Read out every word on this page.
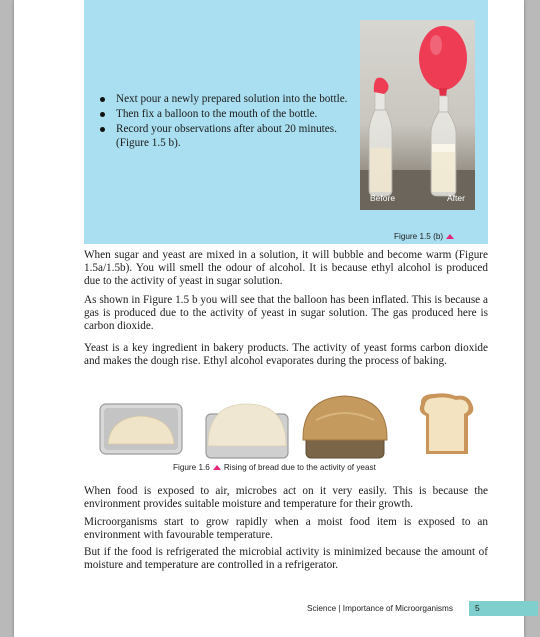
Next pour a newly prepared solution into the bottle.
Then fix a balloon to the mouth of the bottle.
Record your observations after about 20 minutes. (Figure 1.5 b).
Before	After
Figure 1.5 (b)

When sugar and yeast are mixed in a solution, it will bubble and become warm (Figure 1.5a/1.5b). You will smell the odour of alcohol. It is because ethyl alcohol is produced due to the activity of yeast in sugar solution.

As shown in Figure 1.5 b you will see that the balloon has been inflated. This is because a gas is produced due to the activity of yeast in sugar solution. The gas produced here is carbon dioxide.

Yeast is a key ingredient in bakery products. The activity of yeast forms carbon dioxide and makes the dough rise. Ethyl alcohol evaporates during the process of baking.

Figure 1.6 Rising of bread due to the activity of yeast

When food is exposed to air, microbes act on it very easily. This is because the environment provides suitable moisture and temperature for their growth.

Microorganisms start to grow rapidly when a moist food item is exposed to an environment with favourable temperature.

But if the food is refrigerated the microbial activity is minimized because the amount of moisture and temperature are controlled in a refrigerator.

Science | Importance of Microorganisms	5
